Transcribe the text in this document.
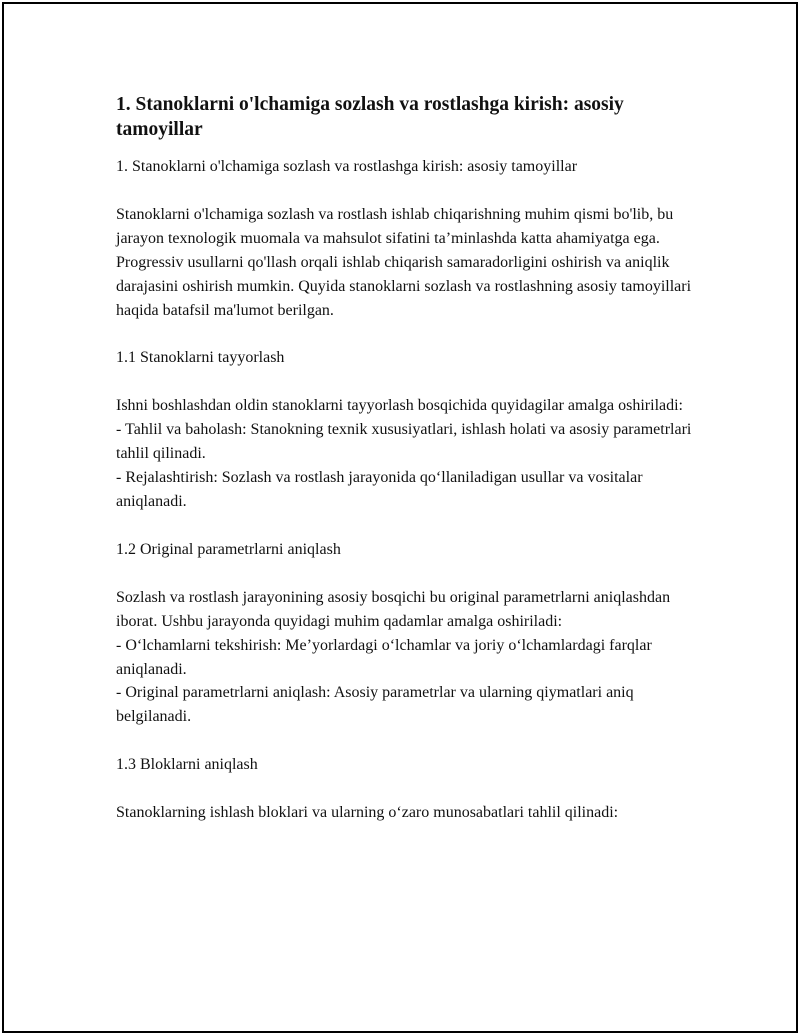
1. Stanoklarni o'lchamiga sozlash va rostlashga kirish: asosiy tamoyillar
1. Stanoklarni o'lchamiga sozlash va rostlashga kirish: asosiy tamoyillar
Stanoklarni o'lchamiga sozlash va rostlash ishlab chiqarishning muhim qismi bo'lib, bu jarayon texnologik muomala va mahsulot sifatini ta’minlashda katta ahamiyatga ega. Progressiv usullarni qo'llash orqali ishlab chiqarish samaradorligini oshirish va aniqlik darajasini oshirish mumkin. Quyida stanoklarni sozlash va rostlashning asosiy tamoyillari haqida batafsil ma'lumot berilgan.
1.1 Stanoklarni tayyorlash
Ishni boshlashdan oldin stanoklarni tayyorlash bosqichida quyidagilar amalga oshiriladi:
- Tahlil va baholash: Stanokning texnik xususiyatlari, ishlash holati va asosiy parametrlari tahlil qilinadi.
- Rejalashtirish: Sozlash va rostlash jarayonida qo‘llaniladigan usullar va vositalar aniqlanadi.
1.2 Original parametrlarni aniqlash
Sozlash va rostlash jarayonining asosiy bosqichi bu original parametrlarni aniqlashdan iborat. Ushbu jarayonda quyidagi muhim qadamlar amalga oshiriladi:
- O‘lchamlarni tekshirish: Me’yorlardagi o‘lchamlar va joriy o‘lchamlardagi farqlar aniqlanadi.
- Original parametrlarni aniqlash: Asosiy parametrlar va ularning qiymatlari aniq belgilanadi.
1.3 Bloklarni aniqlash
Stanoklarning ishlash bloklari va ularning o‘zaro munosabatlari tahlil qilinadi:
